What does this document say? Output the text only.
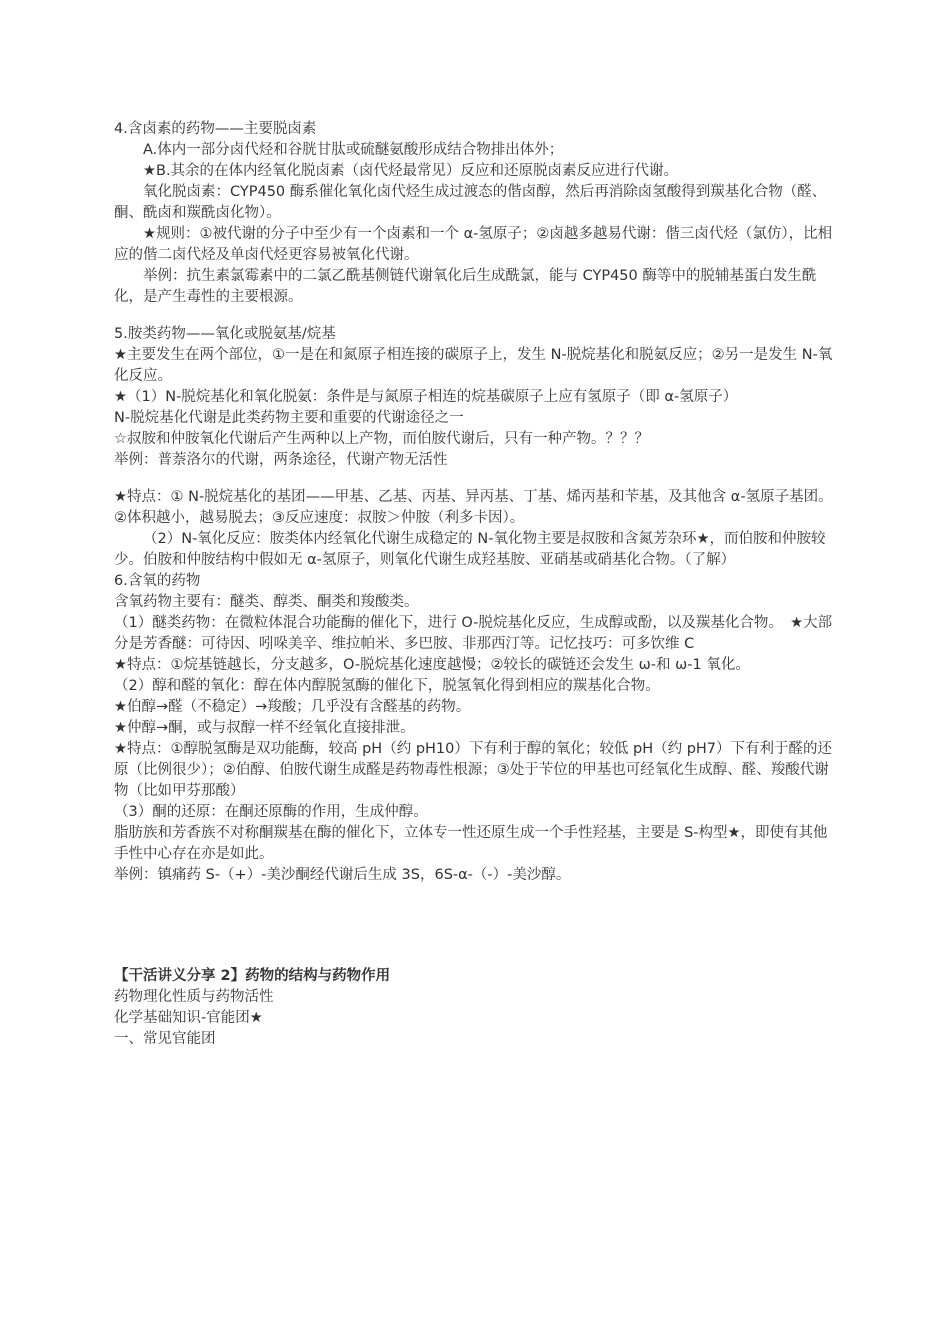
4.含卤素的药物——主要脱卤素

A.体内一部分卤代烃和谷胱甘肽或硫醚氨酸形成结合物排出体外；

★B.其余的在体内经氧化脱卤素（卤代烃最常见）反应和还原脱卤素反应进行代谢。

氧化脱卤素：CYP450 酶系催化氧化卤代烃生成过渡态的偕卤醇，然后再消除卤氢酸得到羰基化合物（醛、酮、酰卤和羰酰卤化物）。

★规则：①被代谢的分子中至少有一个卤素和一个 α-氢原子；②卤越多越易代谢：偕三卤代烃（氯仿），比相应的偕二卤代烃及单卤代烃更容易被氧化代谢。

举例：抗生素氯霉素中的二氯乙酰基侧链代谢氧化后生成酰氯，能与 CYP450 酶等中的脱辅基蛋白发生酰化，是产生毒性的主要根源。

5.胺类药物——氧化或脱氨基/烷基

★主要发生在两个部位，①一是在和氮原子相连接的碳原子上，发生 N-脱烷基化和脱氨反应；②另一是发生 N-氧化反应。

★（1）N-脱烷基化和氧化脱氨：条件是与氮原子相连的烷基碳原子上应有氢原子（即 α-氢原子）

N-脱烷基化代谢是此类药物主要和重要的代谢途径之一

☆叔胺和仲胺氧化代谢后产生两种以上产物，而伯胺代谢后，只有一种产物。？？？

举例：普萘洛尔的代谢，两条途径，代谢产物无活性

★特点：① N-脱烷基化的基团——甲基、乙基、丙基、异丙基、丁基、烯丙基和苄基，及其他含 α-氢原子基团。②体积越小，越易脱去；③反应速度：叔胺＞仲胺（利多卡因）。

（2）N-氧化反应：胺类体内经氧化代谢生成稳定的 N-氧化物主要是叔胺和含氮芳杂环★，而伯胺和仲胺较少。伯胺和仲胺结构中假如无 α-氢原子，则氧化代谢生成羟基胺、亚硝基或硝基化合物。（了解）

6.含氧的药物

含氧药物主要有：醚类、醇类、酮类和羧酸类。

（1）醚类药物：在微粒体混合功能酶的催化下，进行 O-脱烷基化反应，生成醇或酚，以及羰基化合物。　★大部分是芳香醚：可待因、吲哚美辛、维拉帕米、多巴胺、非那西汀等。记忆技巧：可多饮维 C

★特点：①烷基链越长，分支越多，O-脱烷基化速度越慢；②较长的碳链还会发生 ω-和 ω-1 氧化。

（2）醇和醛的氧化：醇在体内醇脱氢酶的催化下，脱氢氧化得到相应的羰基化合物。

★伯醇→醛（不稳定）→羧酸；几乎没有含醛基的药物。

★仲醇→酮，或与叔醇一样不经氧化直接排泄。

★特点：①醇脱氢酶是双功能酶，较高 pH（约 pH10）下有利于醇的氧化；较低 pH（约 pH7）下有利于醛的还原（比例很少）；②伯醇、伯胺代谢生成醛是药物毒性根源；③处于苄位的甲基也可经氧化生成醇、醛、羧酸代谢物（比如甲芬那酸）

（3）酮的还原：在酮还原酶的作用，生成仲醇。

脂肪族和芳香族不对称酮羰基在酶的催化下，立体专一性还原生成一个手性羟基，主要是 S-构型★，即使有其他手性中心存在亦是如此。

举例：镇痛药 S-（+）-美沙酮经代谢后生成 3S，6S-α-（-）-美沙醇。

【干活讲义分享 2】药物的结构与药物作用

药物理化性质与药物活性

化学基础知识-官能团★

一、常见官能团
